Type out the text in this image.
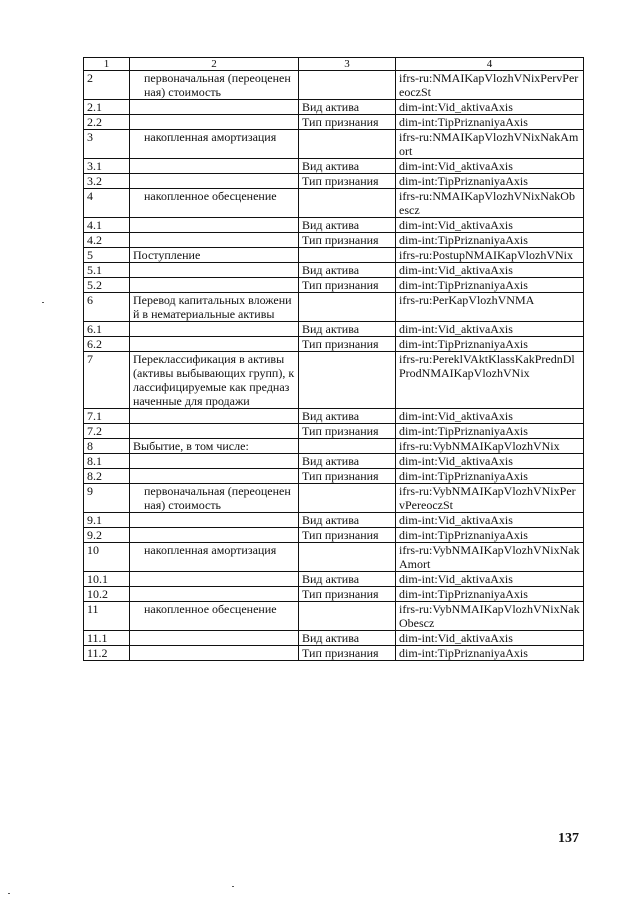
1	2	3	4
2	первоначальная (переоцененная) стоимость		ifrs-ru:NMAIKapVlozhVNixPervPereoczSt
2.1		Вид актива	dim-int:Vid_aktivaAxis
2.2		Тип признания	dim-int:TipPriznaniyaAxis
3	накопленная амортизация		ifrs-ru:NMAIKapVlozhVNixNakAmort
3.1		Вид актива	dim-int:Vid_aktivaAxis
3.2		Тип признания	dim-int:TipPriznaniyaAxis
4	накопленное обесценение		ifrs-ru:NMAIKapVlozhVNixNakObescz
4.1		Вид актива	dim-int:Vid_aktivaAxis
4.2		Тип признания	dim-int:TipPriznaniyaAxis
5	Поступление		ifrs-ru:PostupNMAIKapVlozhVNix
5.1		Вид актива	dim-int:Vid_aktivaAxis
5.2		Тип признания	dim-int:TipPriznaniyaAxis
6	Перевод капитальных вложений в нематериальные активы		ifrs-ru:PerKapVlozhVNMA
6.1		Вид актива	dim-int:Vid_aktivaAxis
6.2		Тип признания	dim-int:TipPriznaniyaAxis
7	Переклассификация в активы (активы выбывающих групп), классифицируемые как предназначенные для продажи		ifrs-ru:PereklVAktKlassKakPrednDlProdNMAIKapVlozhVNix
7.1		Вид актива	dim-int:Vid_aktivaAxis
7.2		Тип признания	dim-int:TipPriznaniyaAxis
8	Выбытие, в том числе:		ifrs-ru:VybNMAIKapVlozhVNix
8.1		Вид актива	dim-int:Vid_aktivaAxis
8.2		Тип признания	dim-int:TipPriznaniyaAxis
9	первоначальная (переоцененная) стоимость		ifrs-ru:VybNMAIKapVlozhVNixPervPereoczSt
9.1		Вид актива	dim-int:Vid_aktivaAxis
9.2		Тип признания	dim-int:TipPriznaniyaAxis
10	накопленная амортизация		ifrs-ru:VybNMAIKapVlozhVNixNakAmort
10.1		Вид актива	dim-int:Vid_aktivaAxis
10.2		Тип признания	dim-int:TipPriznaniyaAxis
11	накопленное обесценение		ifrs-ru:VybNMAIKapVlozhVNixNakObescz
11.1		Вид актива	dim-int:Vid_aktivaAxis
11.2		Тип признания	dim-int:TipPriznaniyaAxis
137
